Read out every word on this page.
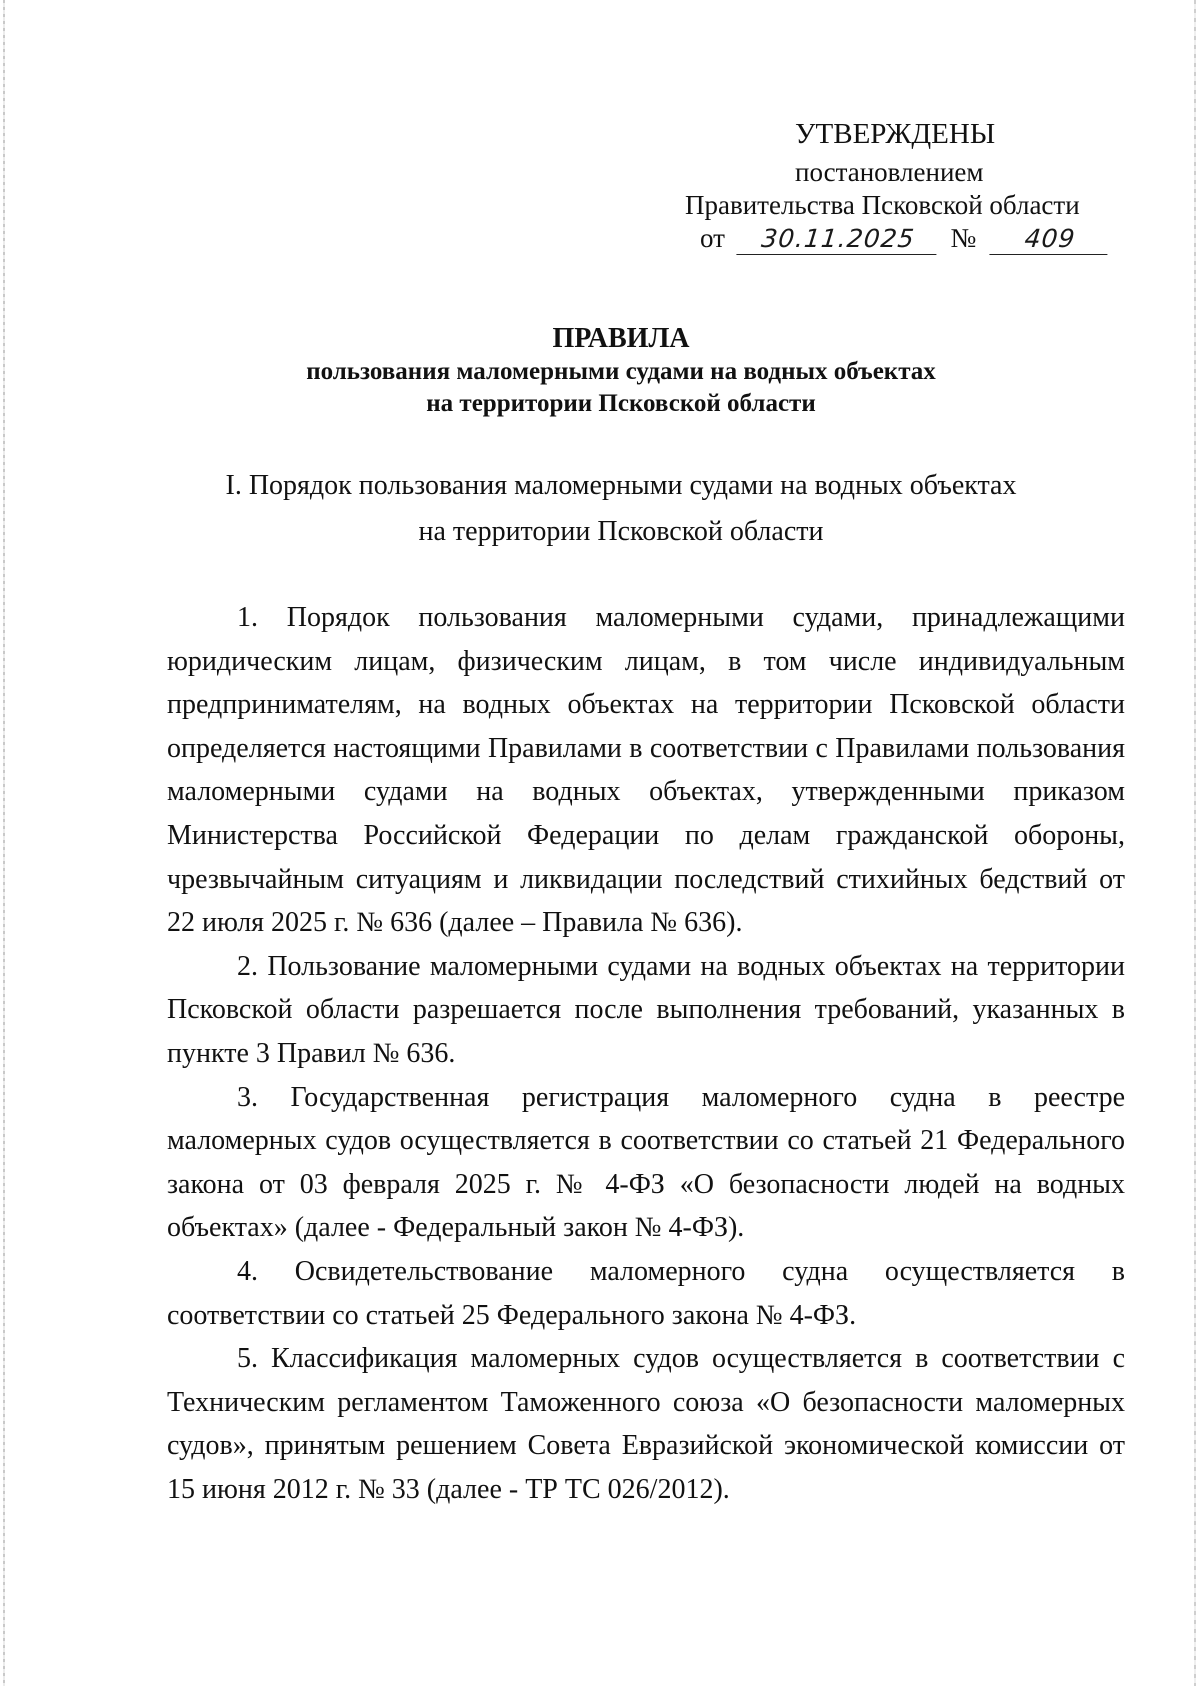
УТВЕРЖДЕНЫ
постановлением
Правительства Псковской области
от 30.11.2025 № 409
ПРАВИЛА
пользования маломерными судами на водных объектах
на территории Псковской области
I. Порядок пользования маломерными судами на водных объектах
на территории Псковской области

1. Порядок пользования маломерными судами, принадлежащими юридическим лицам, физическим лицам, в том числе индивидуальным предпринимателям, на водных объектах на территории Псковской области определяется настоящими Правилами в соответствии с Правилами пользования маломерными судами на водных объектах, утвержденными приказом Министерства Российской Федерации по делам гражданской обороны, чрезвычайным ситуациям и ликвидации последствий стихийных бедствий от 22 июля 2025 г. № 636 (далее – Правила № 636).

2. Пользование маломерными судами на водных объектах на территории Псковской области разрешается после выполнения требований, указанных в пункте 3 Правил № 636.

3. Государственная регистрация маломерного судна в реестре маломерных судов осуществляется в соответствии со статьей 21 Федерального закона от 03 февраля 2025 г. № 4-ФЗ «О безопасности людей на водных объектах» (далее - Федеральный закон № 4-ФЗ).

4. Освидетельствование маломерного судна осуществляется в соответствии со статьей 25 Федерального закона № 4-ФЗ.

5. Классификация маломерных судов осуществляется в соответствии с Техническим регламентом Таможенного союза «О безопасности маломерных судов», принятым решением Совета Евразийской экономической комиссии от 15 июня 2012 г. № 33 (далее - ТР ТС 026/2012).
